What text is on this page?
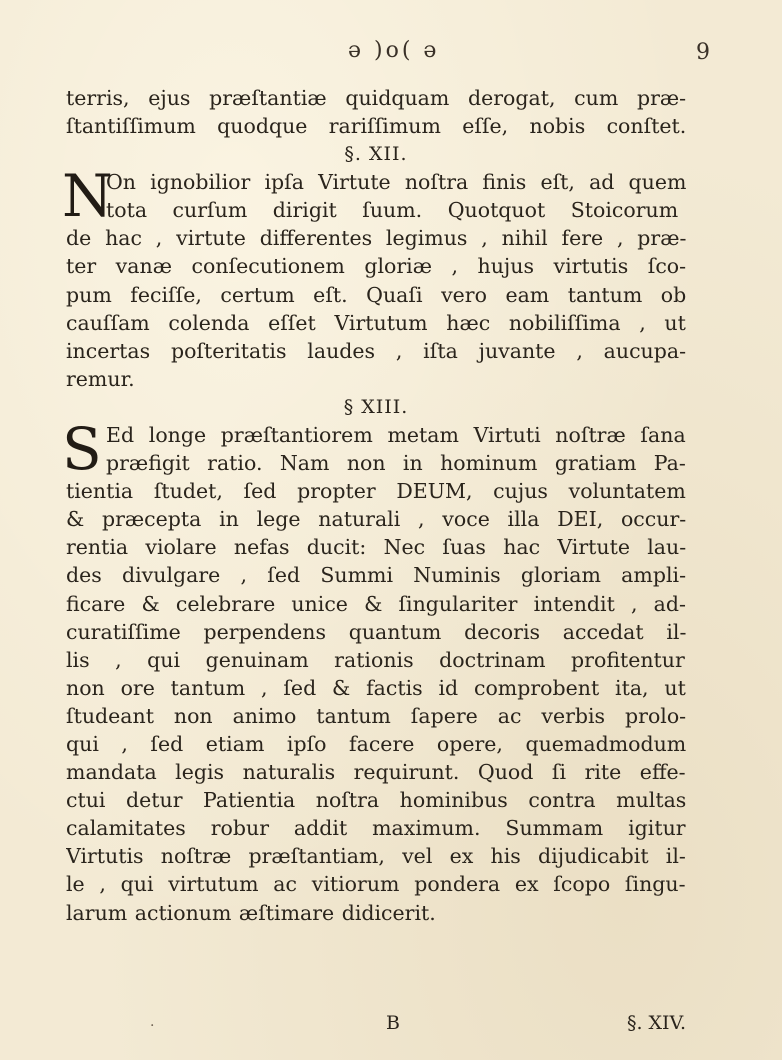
ə )o( ə	9
terris, ejus præſtantiæ quidquam derogat, cum præ-
ſtantiſſimum quodque rariſſimum eſſe, nobis conſtet.
§. XII.
N
On ignobilior ipſa Virtute noſtra finis eſt, ad quem
tota curſum dirigit ſuum. Quotquot Stoicorum
de hac , virtute differentes legimus , nihil fere , præ-
ter vanæ conſecutionem gloriæ , hujus virtutis ſco-
pum feciſſe, certum eſt. Quaſi vero eam tantum ob
cauſſam colenda eſſet Virtutum hæc nobiliſſima , ut
incertas poſteritatis laudes , iſta juvante , aucupa-
remur.
§ XIII.
S Ed longe præſtantiorem metam Virtuti noſtræ ſana
præfigit ratio. Nam non in hominum gratiam Pa-
tientia ſtudet, ſed propter DEUM, cujus voluntatem
& præcepta in lege naturali , voce illa DEI, occur-
rentia violare nefas ducit: Nec ſuas hac Virtute lau-
des divulgare , ſed Summi Numinis gloriam ampli-
ficare & celebrare unice & ſingulariter intendit , ad-
curatiſſime perpendens quantum decoris accedat il-
lis , qui genuinam rationis doctrinam profitentur
non ore tantum , ſed & factis id comprobent ita, ut
ſtudeant non animo tantum ſapere ac verbis prolo-
qui , ſed etiam ipſo facere opere, quemadmodum
mandata legis naturalis requirunt. Quod ſi rite effe-
ctui detur Patientia noſtra hominibus contra multas
calamitates robur addit maximum. Summam igitur
Virtutis noſtræ præſtantiam, vel ex his dijudicabit il-
le , qui virtutum ac vitiorum pondera ex ſcopo ſingu-
larum actionum æſtimare didicerit.
·	B	§. XIV.
